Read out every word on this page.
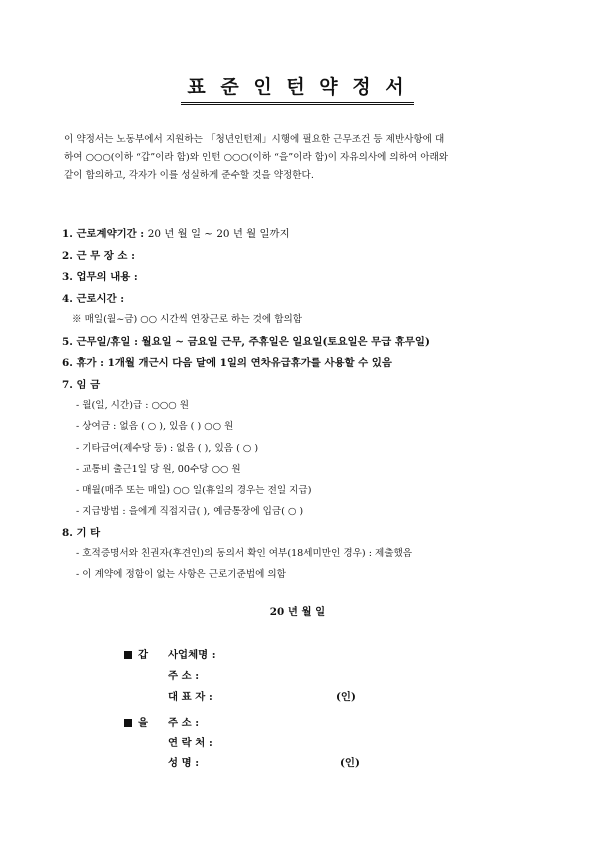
표 준 인 턴 약 정 서
이 약정서는 노동부에서 지원하는 「청년인턴제」시행에 필요한 근무조건 등 제반사항에 대
하여 ○○○(이하 “갑”이라 함)와 인턴 ○○○(이하 “을”이라 함)이 자유의사에 의하여 아래와
같이 합의하고, 각자가 이를 성실하게 준수할 것을 약정한다.
1. 근로계약기간 : 20 년 월 일 ~ 20 년 월 일까지
2. 근 무 장 소 :
3. 업무의 내용 :
4. 근로시간 :
※ 매일(월~금) ○○ 시간씩 연장근로 하는 것에 합의함
5. 근무일/휴일 : 월요일 ~ 금요일 근무, 주휴일은 일요일(토요일은 무급 휴무일)
6. 휴가 : 1개월 개근시 다음 달에 1일의 연차유급휴가를 사용할 수 있음
7. 임 금
- 월(일, 시간)급 : ○○○ 원
- 상여금 : 없음 ( ○ ), 있음 ( ) ○○ 원
- 기타급여(제수당 등) : 없음 ( ), 있음 ( ○ )
- 교통비 출근1일 당 원, 00수당 ○○ 원
- 매월(매주 또는 매일) ○○ 일(휴일의 경우는 전일 지급)
- 지급방법 : 을에게 직접지급( ), 예금통장에 입금( ○ )
8. 기 타
- 호적증명서와 친권자(후견인)의 동의서 확인 여부(18세미만인 경우) : 제출했음
- 이 계약에 정함이 없는 사항은 근로기준법에 의함
20 년 월 일
갑 사업체명 :
주 소 :
대 표 자 :	(인)
을 주 소 :
연 락 처 :
성 명 :	(인)
